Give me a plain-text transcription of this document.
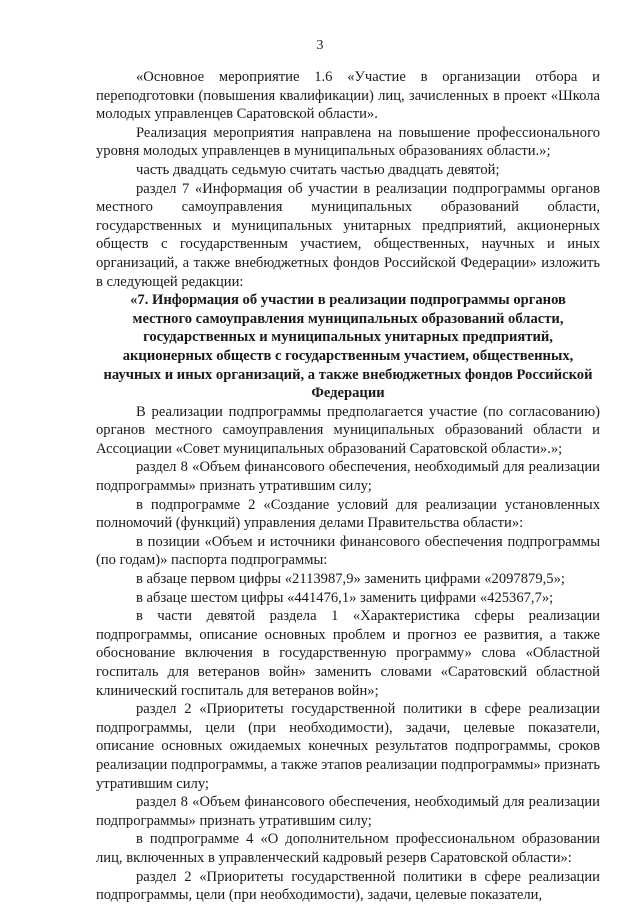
3

«Основное мероприятие 1.6 «Участие в организации отбора и переподготовки (повышения квалификации) лиц, зачисленных в проект «Школа молодых управленцев Саратовской области».

Реализация мероприятия направлена на повышение профессионального уровня молодых управленцев в муниципальных образованиях области.»;

часть двадцать седьмую считать частью двадцать девятой;

раздел 7 «Информация об участии в реализации подпрограммы органов местного самоуправления муниципальных образований области, государственных и муниципальных унитарных предприятий, акционерных обществ с государственным участием, общественных, научных и иных организаций, а также внебюджетных фондов Российской Федерации» изложить в следующей редакции:

«7. Информация об участии в реализации подпрограммы органов местного самоуправления муниципальных образований области, государственных и муниципальных унитарных предприятий, акционерных обществ с государственным участием, общественных, научных и иных организаций, а также внебюджетных фондов Российской Федерации

В реализации подпрограммы предполагается участие (по согласованию) органов местного самоуправления муниципальных образований области и Ассоциации «Совет муниципальных образований Саратовской области».»;

раздел 8 «Объем финансового обеспечения, необходимый для реализации подпрограммы» признать утратившим силу;

в подпрограмме 2 «Создание условий для реализации установленных полномочий (функций) управления делами Правительства области»:

в позиции «Объем и источники финансового обеспечения подпрограммы (по годам)» паспорта подпрограммы:

в абзаце первом цифры «2113987,9» заменить цифрами «2097879,5»;

в абзаце шестом цифры «441476,1» заменить цифрами «425367,7»;

в части девятой раздела 1 «Характеристика сферы реализации подпрограммы, описание основных проблем и прогноз ее развития, а также обоснование включения в государственную программу» слова «Областной госпиталь для ветеранов войн» заменить словами «Саратовский областной клинический госпиталь для ветеранов войн»;

раздел 2 «Приоритеты государственной политики в сфере реализации подпрограммы, цели (при необходимости), задачи, целевые показатели, описание основных ожидаемых конечных результатов подпрограммы, сроков реализации подпрограммы, а также этапов реализации подпрограммы» признать утратившим силу;

раздел 8 «Объем финансового обеспечения, необходимый для реализации подпрограммы» признать утратившим силу;

в подпрограмме 4 «О дополнительном профессиональном образовании лиц, включенных в управленческий кадровый резерв Саратовской области»:

раздел 2 «Приоритеты государственной политики в сфере реализации подпрограммы, цели (при необходимости), задачи, целевые показатели,
